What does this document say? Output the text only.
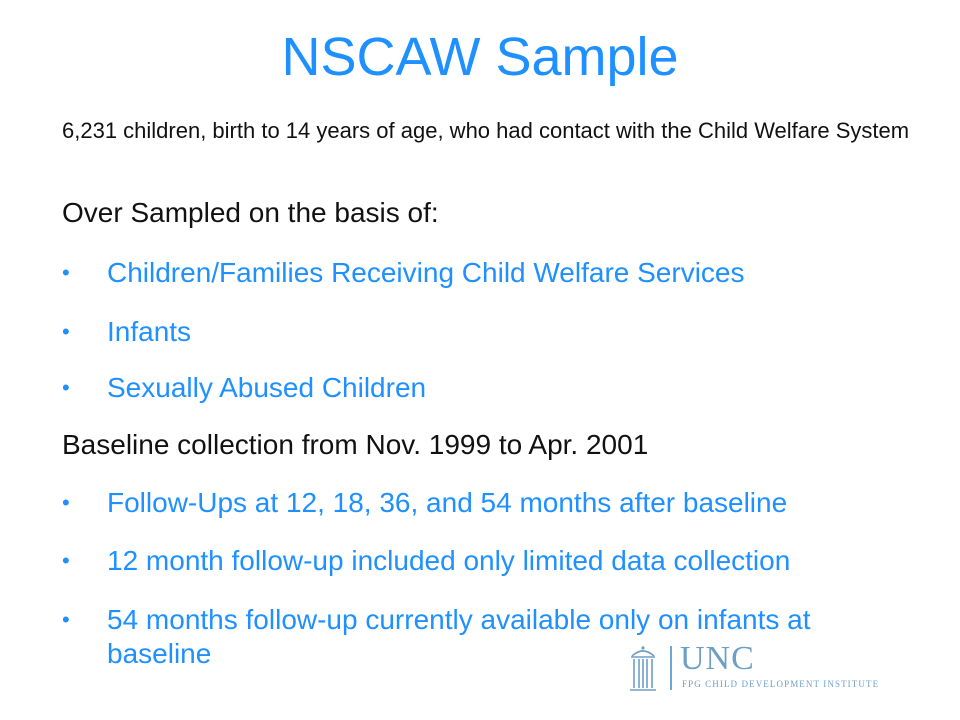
NSCAW Sample
6,231 children, birth to 14 years of age, who had contact with the Child Welfare System
Over Sampled on the basis of:
• Children/Families Receiving Child Welfare Services
• Infants
• Sexually Abused Children
Baseline collection from Nov. 1999 to Apr. 2001
• Follow-Ups at 12, 18, 36, and 54 months after baseline
• 12 month follow-up included only limited data collection
• 54 months follow-up currently available only on infants at baseline	UNC
FPG CHILD DEVELOPMENT INSTITUTE
